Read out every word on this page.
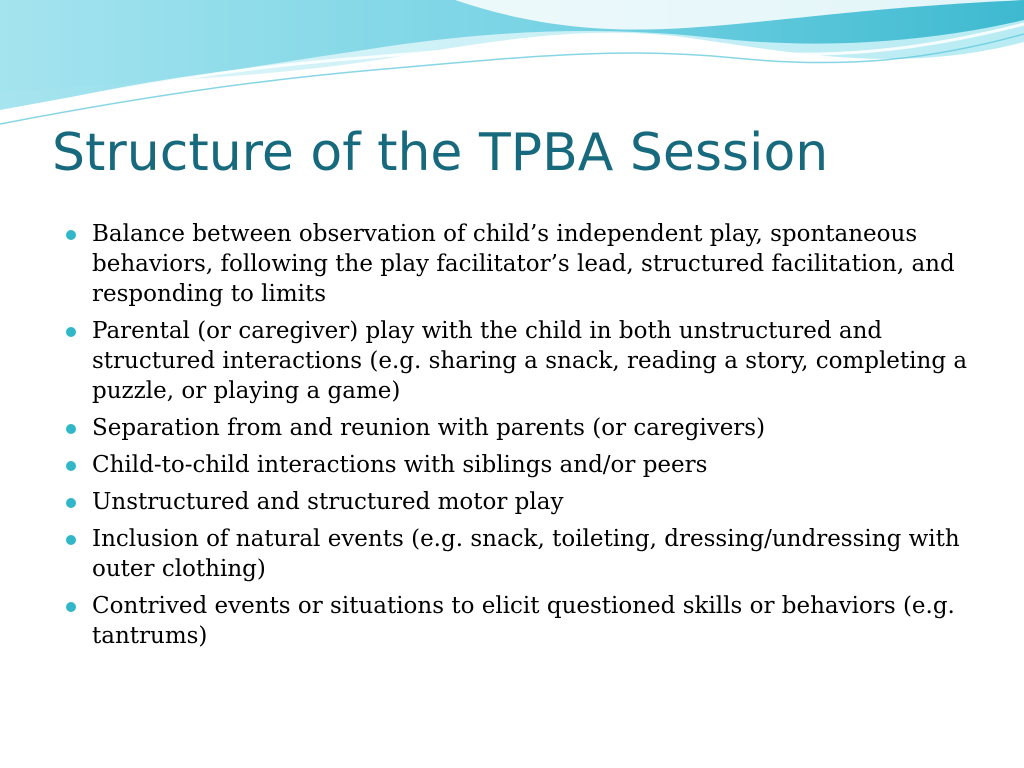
Structure of the TPBA Session
Balance between observation of child’s independent play, spontaneous behaviors, following the play facilitator’s lead, structured facilitation, and responding to limits
Parental (or caregiver) play with the child in both unstructured and structured interactions (e.g. sharing a snack, reading a story, completing a puzzle, or playing a game)
Separation from and reunion with parents (or caregivers)
Child-to-child interactions with siblings and/or peers
Unstructured and structured motor play
Inclusion of natural events (e.g. snack, toileting, dressing/undressing with outer clothing)
Contrived events or situations to elicit questioned skills or behaviors (e.g. tantrums)
